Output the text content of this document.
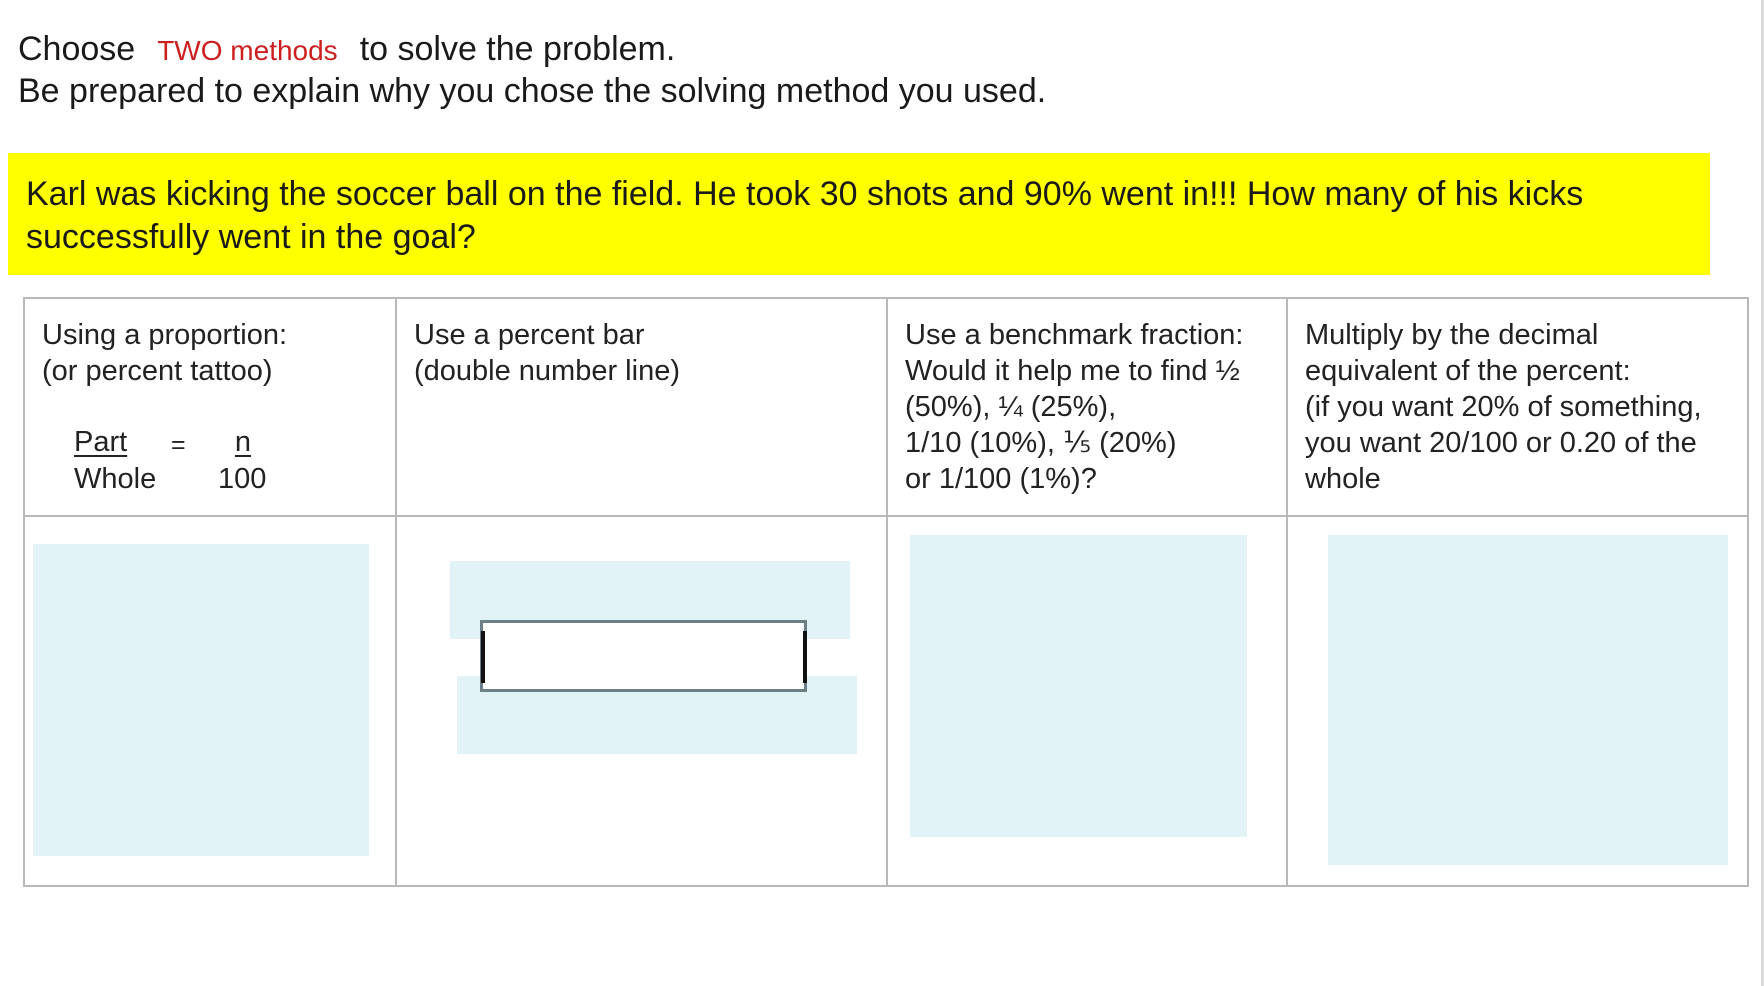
Choose TWO methods to solve the problem.
Be prepared to explain why you chose the solving method you used.
Karl was kicking the soccer ball on the field. He took 30 shots and 90% went in!!! How many of his kicks successfully went in the goal?
Using a proportion:
(or percent tattoo)
Part
Whole
=	n
100
Use a percent bar
(double number line)
Use a benchmark fraction:
Would it help me to find ½
(50%), ¼ (25%),
1/10 (10%), ⅕ (20%)
or 1/100 (1%)?
Multiply by the decimal
equivalent of the percent:
(if you want 20% of something,
you want 20/100 or 0.20 of the
whole
